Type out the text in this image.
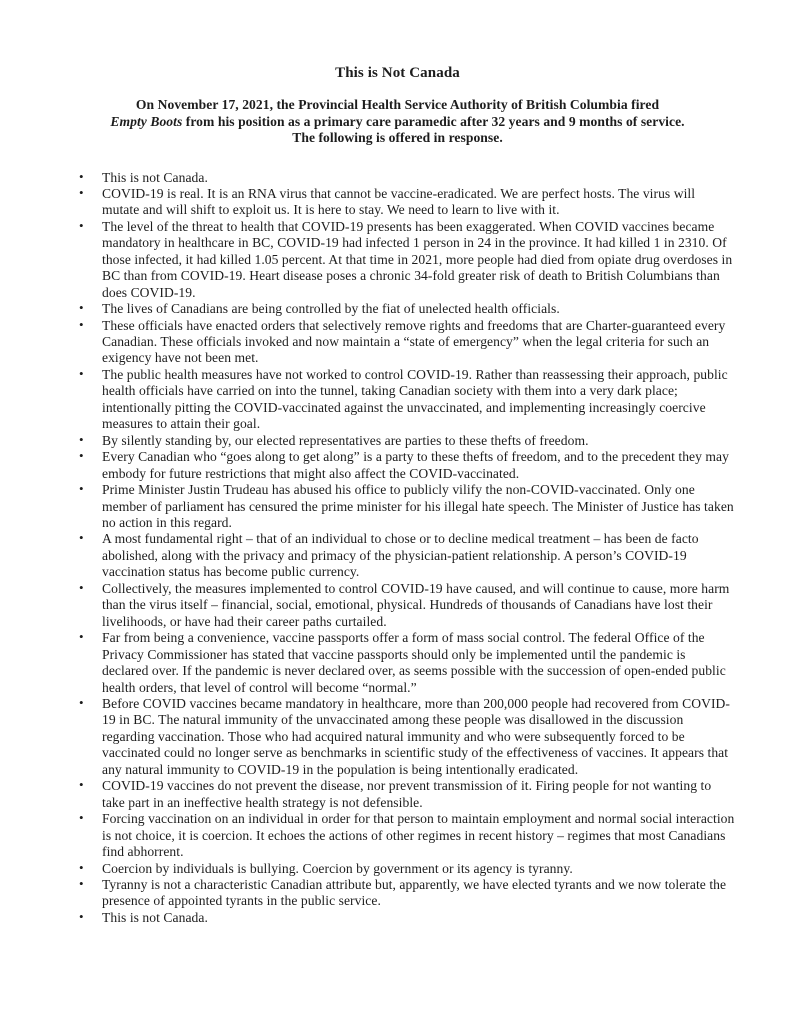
This is Not Canada
On November 17, 2021, the Provincial Health Service Authority of British Columbia fired
Empty Boots from his position as a primary care paramedic after 32 years and 9 months of service.
The following is offered in response.
• This is not Canada.
• COVID-19 is real. It is an RNA virus that cannot be vaccine-eradicated. We are perfect hosts. The virus will mutate and will shift to exploit us. It is here to stay. We need to learn to live with it.
• The level of the threat to health that COVID-19 presents has been exaggerated. When COVID vaccines became mandatory in healthcare in BC, COVID-19 had infected 1 person in 24 in the province. It had killed 1 in 2310. Of those infected, it had killed 1.05 percent. At that time in 2021, more people had died from opiate drug overdoses in BC than from COVID-19. Heart disease poses a chronic 34-fold greater risk of death to British Columbians than does COVID-19.
• The lives of Canadians are being controlled by the fiat of unelected health officials.
• These officials have enacted orders that selectively remove rights and freedoms that are Charter-guaranteed every Canadian. These officials invoked and now maintain a “state of emergency” when the legal criteria for such an exigency have not been met.
• The public health measures have not worked to control COVID-19. Rather than reassessing their approach, public health officials have carried on into the tunnel, taking Canadian society with them into a very dark place; intentionally pitting the COVID-vaccinated against the unvaccinated, and implementing increasingly coercive measures to attain their goal.
• By silently standing by, our elected representatives are parties to these thefts of freedom.
• Every Canadian who “goes along to get along” is a party to these thefts of freedom, and to the precedent they may embody for future restrictions that might also affect the COVID-vaccinated.
• Prime Minister Justin Trudeau has abused his office to publicly vilify the non-COVID-vaccinated. Only one member of parliament has censured the prime minister for his illegal hate speech. The Minister of Justice has taken no action in this regard.
• A most fundamental right – that of an individual to chose or to decline medical treatment – has been de facto abolished, along with the privacy and primacy of the physician-patient relationship. A person’s COVID-19 vaccination status has become public currency.
• Collectively, the measures implemented to control COVID-19 have caused, and will continue to cause, more harm than the virus itself – financial, social, emotional, physical. Hundreds of thousands of Canadians have lost their livelihoods, or have had their career paths curtailed.
• Far from being a convenience, vaccine passports offer a form of mass social control. The federal Office of the Privacy Commissioner has stated that vaccine passports should only be implemented until the pandemic is declared over. If the pandemic is never declared over, as seems possible with the succession of open-ended public health orders, that level of control will become “normal.”
• Before COVID vaccines became mandatory in healthcare, more than 200,000 people had recovered from COVID-19 in BC. The natural immunity of the unvaccinated among these people was disallowed in the discussion regarding vaccination. Those who had acquired natural immunity and who were subsequently forced to be vaccinated could no longer serve as benchmarks in scientific study of the effectiveness of vaccines. It appears that any natural immunity to COVID-19 in the population is being intentionally eradicated.
• COVID-19 vaccines do not prevent the disease, nor prevent transmission of it. Firing people for not wanting to take part in an ineffective health strategy is not defensible.
• Forcing vaccination on an individual in order for that person to maintain employment and normal social interaction is not choice, it is coercion. It echoes the actions of other regimes in recent history – regimes that most Canadians find abhorrent.
• Coercion by individuals is bullying. Coercion by government or its agency is tyranny.
• Tyranny is not a characteristic Canadian attribute but, apparently, we have elected tyrants and we now tolerate the presence of appointed tyrants in the public service.
• This is not Canada.
